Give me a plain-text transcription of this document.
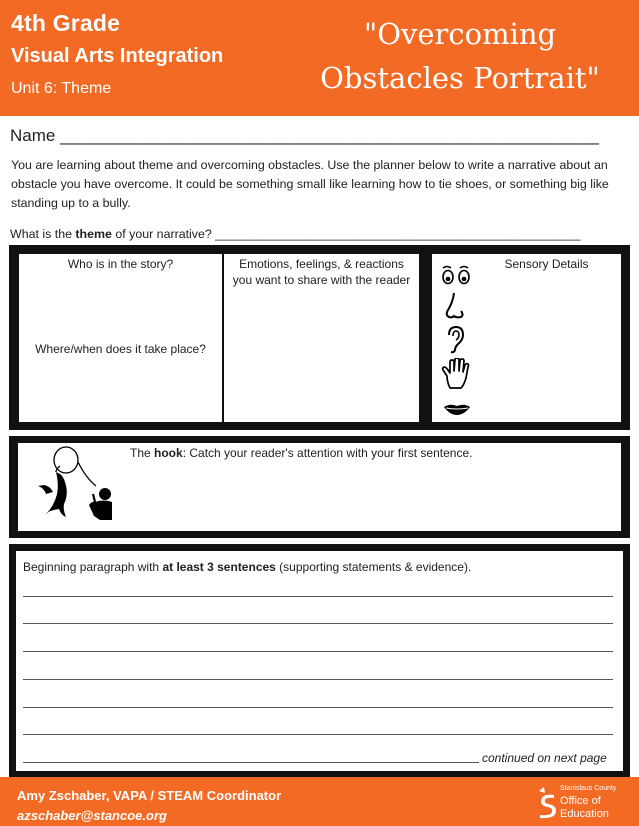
4th Grade
Visual Arts Integration
Unit 6: Theme
"Overcoming
Obstacles Portrait"
Name _________________________________________________________
You are learning about theme and overcoming obstacles. Use the planner below to write a narrative about an obstacle you have overcome. It could be something small like learning how to tie shoes, or something big like standing up to a bully.
What is the theme of your narrative? _____________________________________________________
Who is in the story?
Where/when does it take place?
Emotions, feelings, & reactions
you want to share with the reader
Sensory Details
The hook: Catch your reader's attention with your first sentence.
Beginning paragraph with at least 3 sentences (supporting statements & evidence).
continued on next page
Amy Zschaber, VAPA / STEAM Coordinator
azschaber@stancoe.org
Stanislaus County
Office of
Education
